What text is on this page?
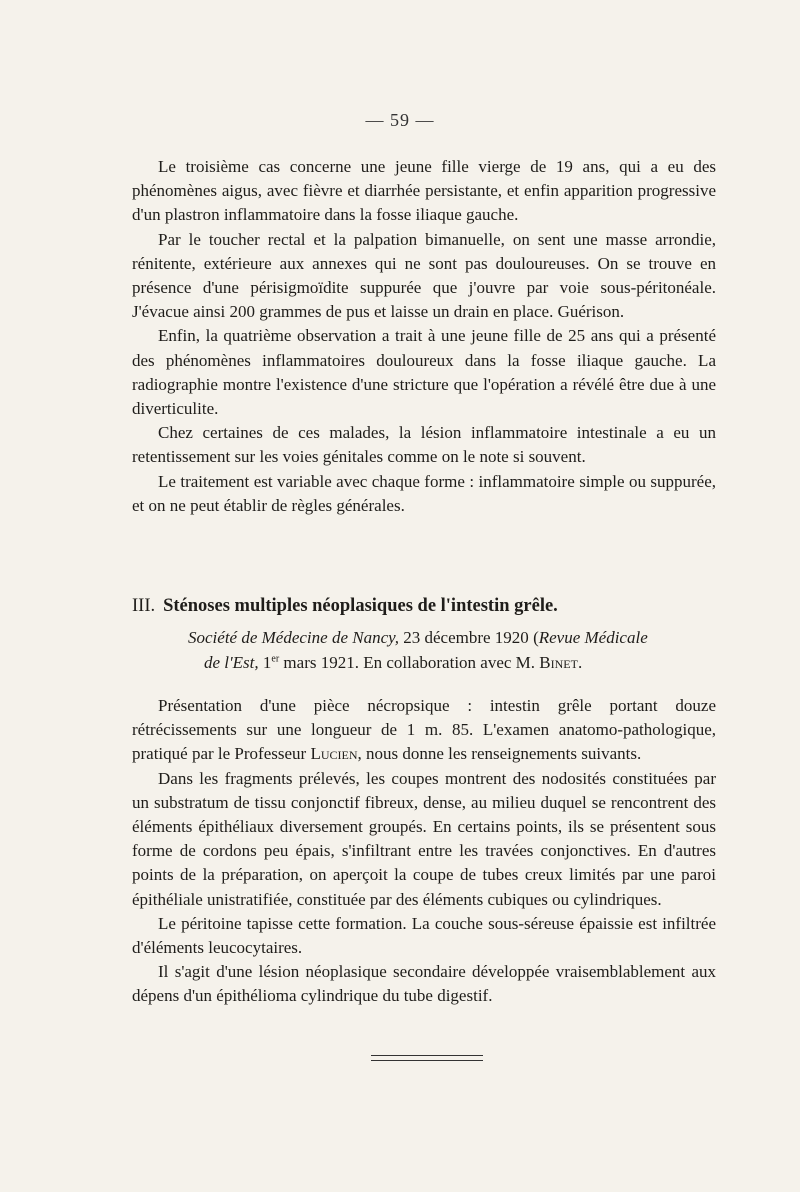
— 59 —

Le troisième cas concerne une jeune fille vierge de 19 ans, qui a eu des phénomènes aigus, avec fièvre et diarrhée persistante, et enfin apparition progressive d'un plastron inflammatoire dans la fosse iliaque gauche.

Par le toucher rectal et la palpation bimanuelle, on sent une masse arrondie, rénitente, extérieure aux annexes qui ne sont pas douloureuses. On se trouve en présence d'une périsigmoïdite suppurée que j'ouvre par voie sous-péritonéale. J'évacue ainsi 200 grammes de pus et laisse un drain en place. Guérison.

Enfin, la quatrième observation a trait à une jeune fille de 25 ans qui a présenté des phénomènes inflammatoires douloureux dans la fosse iliaque gauche. La radiographie montre l'existence d'une stricture que l'opération a révélé être due à une diverticulite.

Chez certaines de ces malades, la lésion inflammatoire intestinale a eu un retentissement sur les voies génitales comme on le note si souvent.

Le traitement est variable avec chaque forme : inflammatoire simple ou suppurée, et on ne peut établir de règles générales.

III. Sténoses multiples néoplasiques de l'intestin grêle.
Société de Médecine de Nancy, 23 décembre 1920 (Revue Médicale
de l'Est, 1er mars 1921. En collaboration avec M. Binet.

Présentation d'une pièce nécropsique : intestin grêle portant douze rétrécissements sur une longueur de 1 m. 85. L'examen anatomo-pathologique, pratiqué par le Professeur Lucien, nous donne les renseignements suivants.

Dans les fragments prélevés, les coupes montrent des nodosités constituées par un substratum de tissu conjonctif fibreux, dense, au milieu duquel se rencontrent des éléments épithéliaux diversement groupés. En certains points, ils se présentent sous forme de cordons peu épais, s'infiltrant entre les travées conjonctives. En d'autres points de la préparation, on aperçoit la coupe de tubes creux limités par une paroi épithéliale unistratifiée, constituée par des éléments cubiques ou cylindriques.

Le péritoine tapisse cette formation. La couche sous-séreuse épaissie est infiltrée d'éléments leucocytaires.

Il s'agit d'une lésion néoplasique secondaire développée vraisemblablement aux dépens d'un épithélioma cylindrique du tube digestif.
